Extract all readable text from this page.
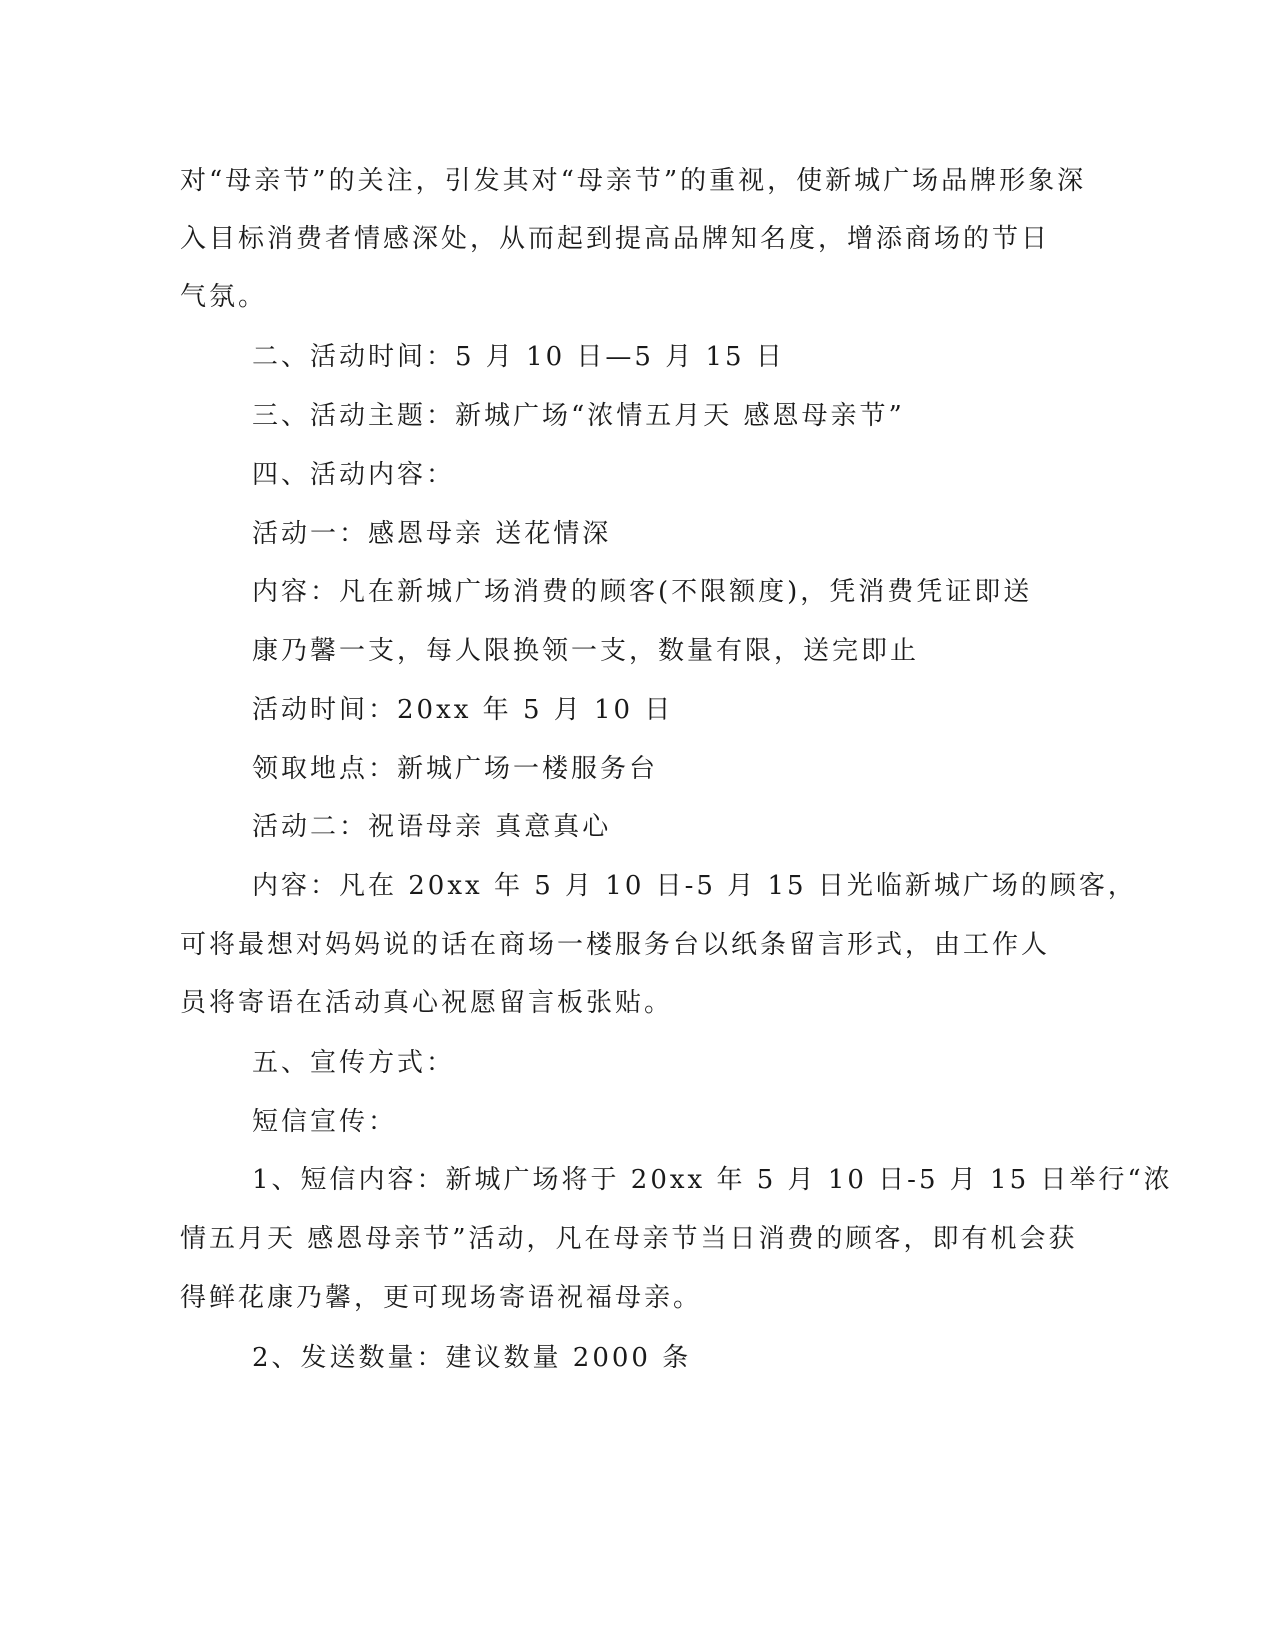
对“母亲节”的关注，引发其对“母亲节”的重视，使新城广场品牌形象深
入目标消费者情感深处，从而起到提高品牌知名度，增添商场的节日
气氛。
二、活动时间：5 月 10 日—5 月 15 日
三、活动主题：新城广场“浓情五月天 感恩母亲节”
四、活动内容：
活动一：感恩母亲 送花情深
内容：凡在新城广场消费的顾客(不限额度)，凭消费凭证即送
康乃馨一支，每人限换领一支，数量有限，送完即止
活动时间：20xx 年 5 月 10 日
领取地点：新城广场一楼服务台
活动二：祝语母亲 真意真心
内容：凡在 20xx 年 5 月 10 日-5 月 15 日光临新城广场的顾客，
可将最想对妈妈说的话在商场一楼服务台以纸条留言形式，由工作人
员将寄语在活动真心祝愿留言板张贴。
五、宣传方式：
短信宣传：
1、短信内容：新城广场将于 20xx 年 5 月 10 日-5 月 15 日举行“浓
情五月天 感恩母亲节”活动，凡在母亲节当日消费的顾客，即有机会获
得鲜花康乃馨，更可现场寄语祝福母亲。
2、发送数量：建议数量 2000 条
